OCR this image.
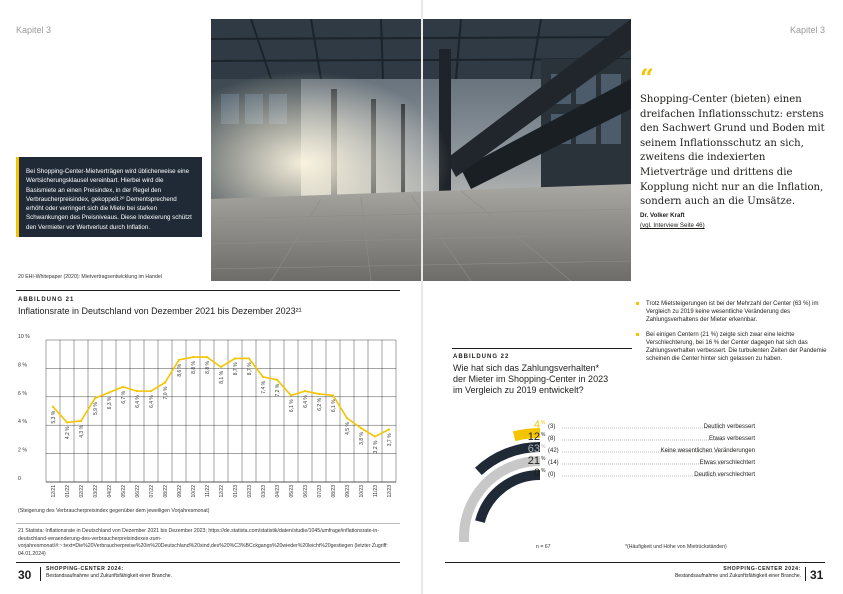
Kapitel 3

Bei Shopping-Center-Mietverträgen wird üblicherweise eine Wertsicherungsklausel vereinbart. Hierbei wird die Basismiete an einen Preisindex, in der Regel den Verbraucherpreisindex, gekoppelt.²⁰ Dementsprechend erhöht oder verringert sich die Miete bei starken Schwankungen des Preisniveaus. Diese Indexierung schützt den Vermieter vor Wertverlust durch Inflation.

20 EHI-Whitepaper (2020): Mietvertragsentwicklung im Handel
ABBILDUNG 21
Inflationsrate in Deutschland von Dezember 2021 bis Dezember 2023²¹
0
2 %
4 %
6 %
8 %
10 %
5,3 %
12/21
4,2 %
01/22
4,3 %
02/22
5,9 %
03/22
6,3 %
04/22
6,7 %
05/22
6,4 %
06/22
6,4 %
07/22
7,0 %
08/22
8,6 %
09/22
8,8 %
10/22
8,8 %
11/22
8,1 %
12/22
8,7 %
01/23
8,7 %
02/23
7,4 %
03/23
7,2 %
04/23
6,1 %
05/23
6,4 %
06/23
6,2 %
07/23
6,1 %
08/23
4,5 %
09/23
3,8 %
10/23
3,2 %
11/23
3,7 %
12/23
(Steigerung des Verbraucherpreisindex gegenüber dem jeweiligen Vorjahresmonat)
21 Statista: Inflationsrate in Deutschland von Dezember 2021 bis Dezember 2023; https://de.statista.com/statistik/daten/studie/1045/umfrage/inflationsrate-in-deutschland-veraenderung-des-verbraucherpreisindexes-zum-vorjahresmonat/#:~:text=Die%20Verbraucherpreise%20in%20Deutschland%20sind,des%20%C3%BCckgangs%20wieder%20leicht%20gestiegen (letzter Zugriff: 04.01.2024)
30	SHOPPING-CENTER 2024:
Bestandsaufnahme und Zukunftsfähigkeit einer Branche.
Kapitel 3
“
Shopping-Center (bieten) einen dreifachen Inflationsschutz: erstens den Sachwert Grund und Boden mit seinem Inflationsschutz an sich, zweitens die indexierten Mietverträge und drittens die Kopplung nicht nur an die Inflation, sondern auch an die Umsätze.
Dr. Volker Kraft
(vgl. Interview Seite 46)
ABBILDUNG 22
Wie hat sich das Zahlungsverhalten*
der Mieter im Shopping-Center in 2023
im Vergleich zu 2019 entwickelt?
Trotz Mietsteigerungen ist bei der Mehrzahl der Center (63 %) im Vergleich zu 2019 keine wesentliche Veränderung des Zahlungsverhaltens der Mieter erkennbar.
Bei einigen Centern (21 %) zeigte sich zwar eine leichte Verschlechterung, bei 16 % der Center dagegen hat sich das Zahlungsverhalten verbessert. Die turbulenten Zeiten der Pandemie scheinen die Center hinter sich gelassen zu haben.
4 %
(3)	Deutlich verbessert
12 %
(8)	Etwas verbessert
63 %
(42)	Keine wesentlichen Veränderungen
21 %
(14)	Etwas verschlechtert
0 %
(0)	Deutlich verschlechtert
n = 67	*(Häufigkeit und Höhe von Mietrückständen)
SHOPPING-CENTER 2024:
Bestandsaufnahme und Zukunftsfähigkeit einer Branche. 31
